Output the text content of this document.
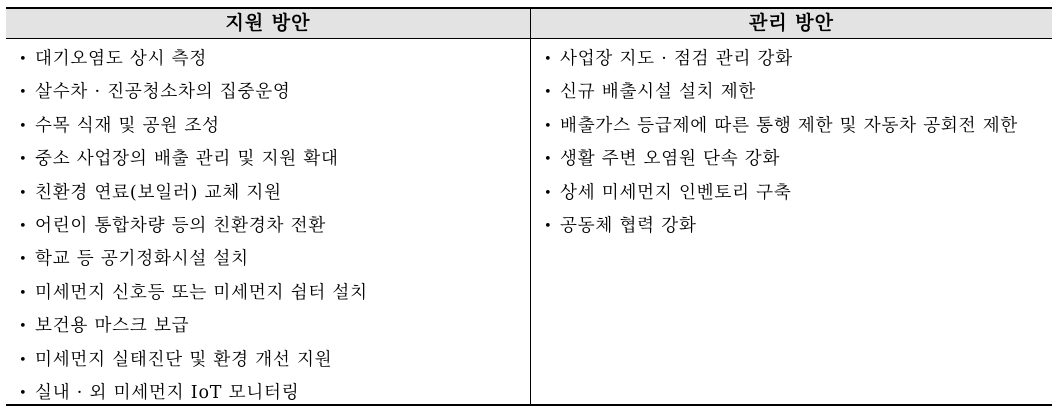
지원 방안	관리 방안
• 대기오염도 상시 측정
• 살수차 · 진공청소차의 집중운영
• 수목 식재 및 공원 조성
• 중소 사업장의 배출 관리 및 지원 확대
• 친환경 연료(보일러) 교체 지원
• 어린이 통합차량 등의 친환경차 전환
• 학교 등 공기정화시설 설치
• 미세먼지 신호등 또는 미세먼지 쉼터 설치
• 보건용 마스크 보급
• 미세먼지 실태진단 및 환경 개선 지원
• 실내 · 외 미세먼지 IoT 모니터링
• 사업장 지도 · 점검 관리 강화
• 신규 배출시설 설치 제한
• 배출가스 등급제에 따른 통행 제한 및 자동차 공회전 제한
• 생활 주변 오염원 단속 강화
• 상세 미세먼지 인벤토리 구축
• 공동체 협력 강화
